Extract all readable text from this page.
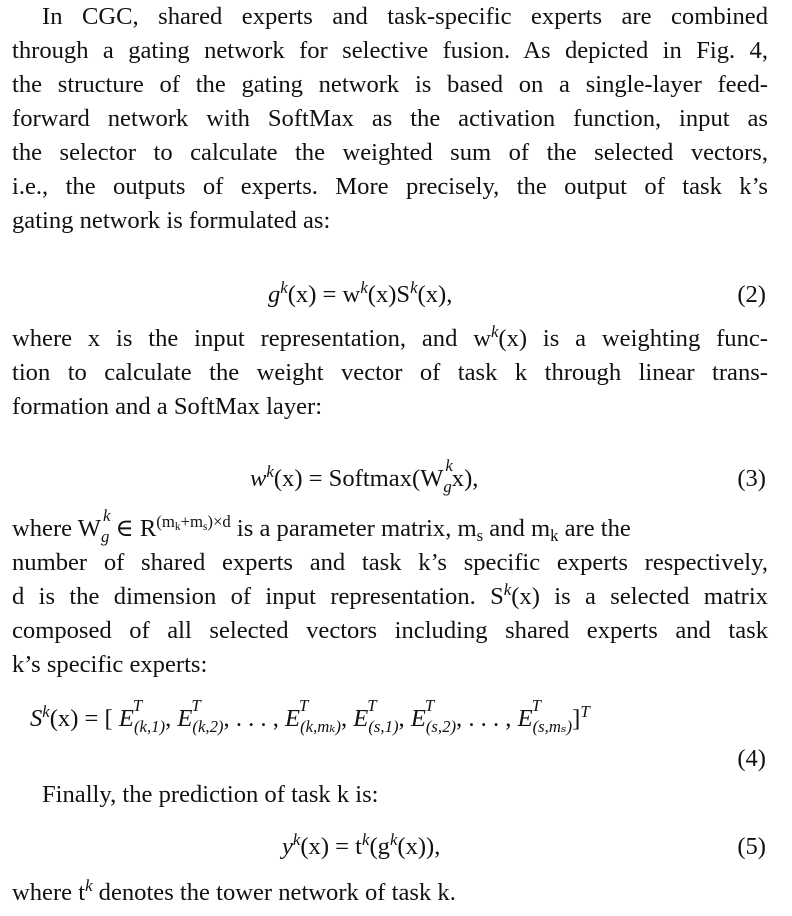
In CGC, shared experts and task-specific experts are combined
through a gating network for selective fusion. As depicted in Fig. 4,
the structure of the gating network is based on a single-layer feed-
forward network with SoftMax as the activation function, input as
the selector to calculate the weighted sum of the selected vectors,
i.e., the outputs of experts. More precisely, the output of task k’s
gating network is formulated as:
$g^k(x) = w^k(x)S^k(x)$,	(2)
where x is the input representation, and $w^k(x)$ is a weighting func-
tion to calculate the weight vector of task k through linear trans-
formation and a SoftMax layer:
$w^k(x)$ = Softmax(W k
$_g$x),	(3)
where W k
$_g$ ∈ $R^{(m_k+m_s)\times d}$ is a parameter matrix, $m_s$ and $m_k$ are the
number of shared experts and task k’s specific experts respectively,
d is the dimension of input representation. $S^k(x)$ is a selected matrix
composed of all selected vectors including shared experts and task
k’s specific experts:
$S^k(x)$ = [ E
T
$_{(k,1)}$, E
T
$_{(k,2)}$, . . . , E
T
$_{(k,m_k)}$, E
T
$_{(s,1)}$, E
T
$_{(s,2)}$, . . . , E
T
$_{(s,m_s)}$]$^T$
(4)
Finally, the prediction of task k is:
$y^k(x) = t^k(g^k(x))$,	(5)
where $t^k$ denotes the tower network of task k.
